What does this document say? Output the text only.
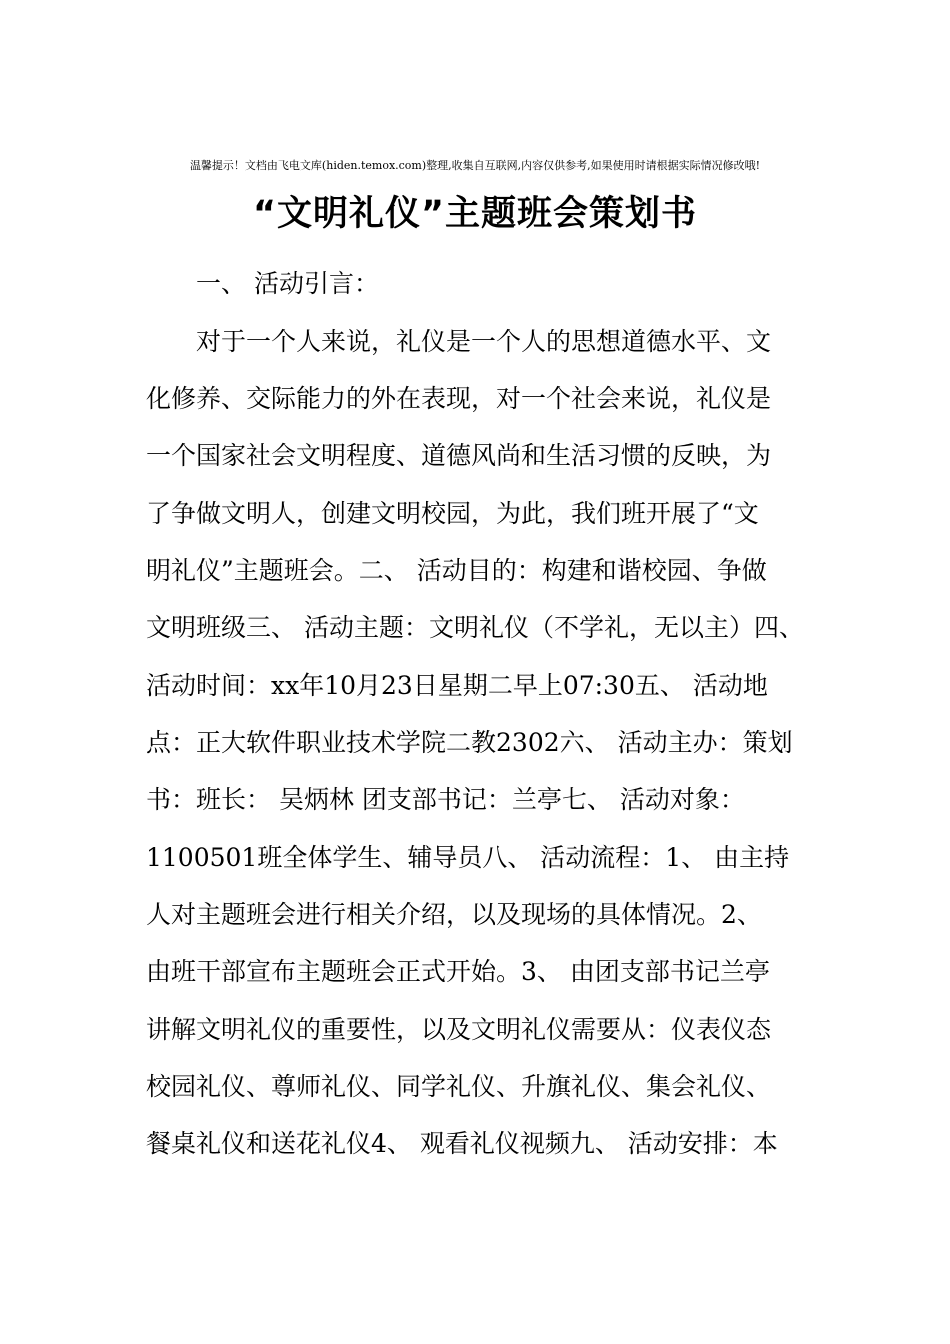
温馨提示！文档由飞电文库(hiden.temox.com)整理,收集自互联网,内容仅供参考,如果使用时请根据实际情况修改哦!
“文明礼仪”主题班会策划书
一、 活动引言：
对于一个人来说，礼仪是一个人的思想道德水平、文
化修养、交际能力的外在表现，对一个社会来说，礼仪是
一个国家社会文明程度、道德风尚和生活习惯的反映，为
了争做文明人，创建文明校园，为此，我们班开展了“文
明礼仪”主题班会。二、 活动目的：构建和谐校园、争做
文明班级三、 活动主题：文明礼仪（不学礼，无以主）四、
活动时间：xx年10月23日星期二早上07:30五、 活动地
点：正大软件职业技术学院二教2302六、 活动主办：策划
书：班长： 吴炳林 团支部书记：兰亭七、 活动对象：
1100501班全体学生、辅导员八、 活动流程：1、 由主持
人对主题班会进行相关介绍，以及现场的具体情况。2、
由班干部宣布主题班会正式开始。3、 由团支部书记兰亭
讲解文明礼仪的重要性，以及文明礼仪需要从：仪表仪态
校园礼仪、尊师礼仪、同学礼仪、升旗礼仪、集会礼仪、
餐桌礼仪和送花礼仪4、 观看礼仪视频九、 活动安排：本
